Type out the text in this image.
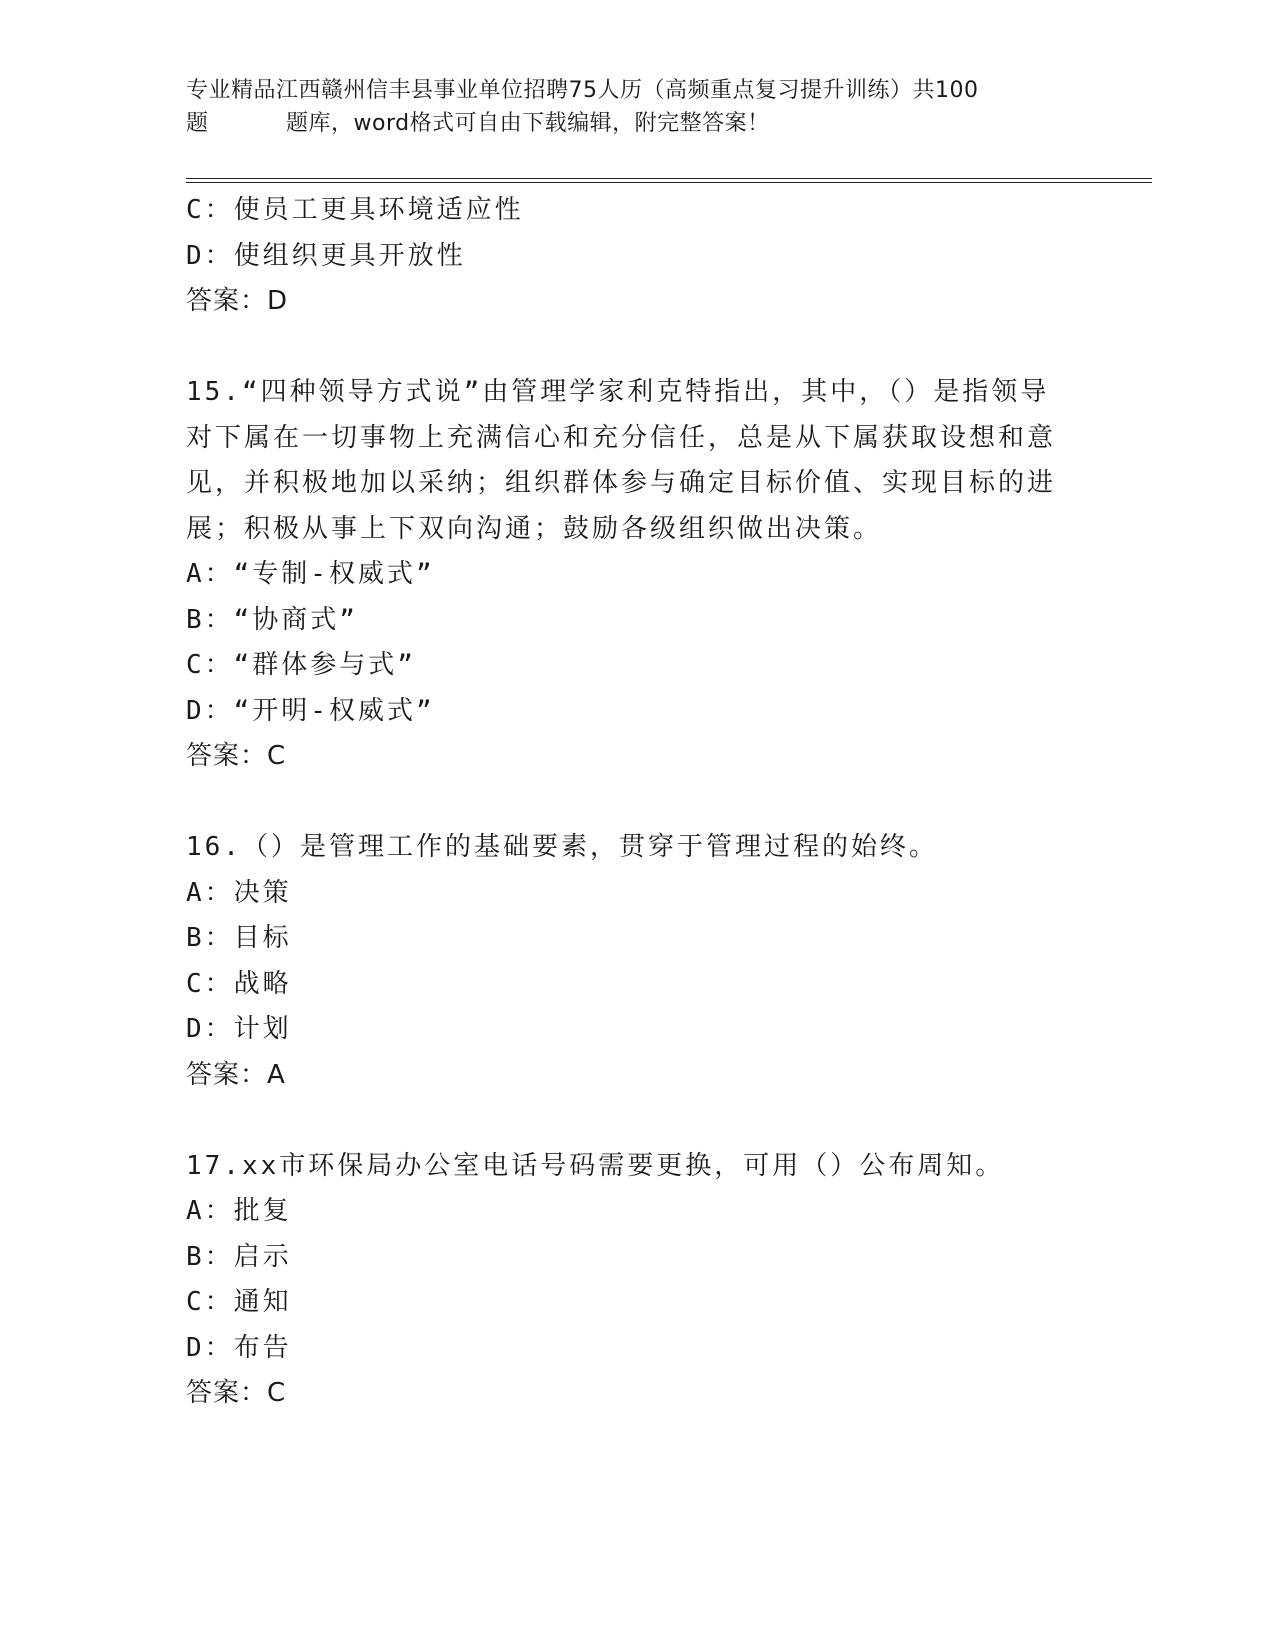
专业精品江西赣州信丰县事业单位招聘75人历（高频重点复习提升训练）共100
题	题库，word格式可自由下载编辑，附完整答案！
C：使员工更具环境适应性
D：使组织更具开放性
答案：D
15.“四种领导方式说”由管理学家利克特指出，其中，（）是指领导
对下属在一切事物上充满信心和充分信任，总是从下属获取设想和意
见，并积极地加以采纳；组织群体参与确定目标价值、实现目标的进
展；积极从事上下双向沟通；鼓励各级组织做出决策。
A：“专制-权威式”
B：“协商式”
C：“群体参与式”
D：“开明-权威式”
答案：C
16.（）是管理工作的基础要素，贯穿于管理过程的始终。
A：决策
B：目标
C：战略
D：计划
答案：A
17.xx市环保局办公室电话号码需要更换，可用（）公布周知。
A：批复
B：启示
C：通知
D：布告
答案：C
